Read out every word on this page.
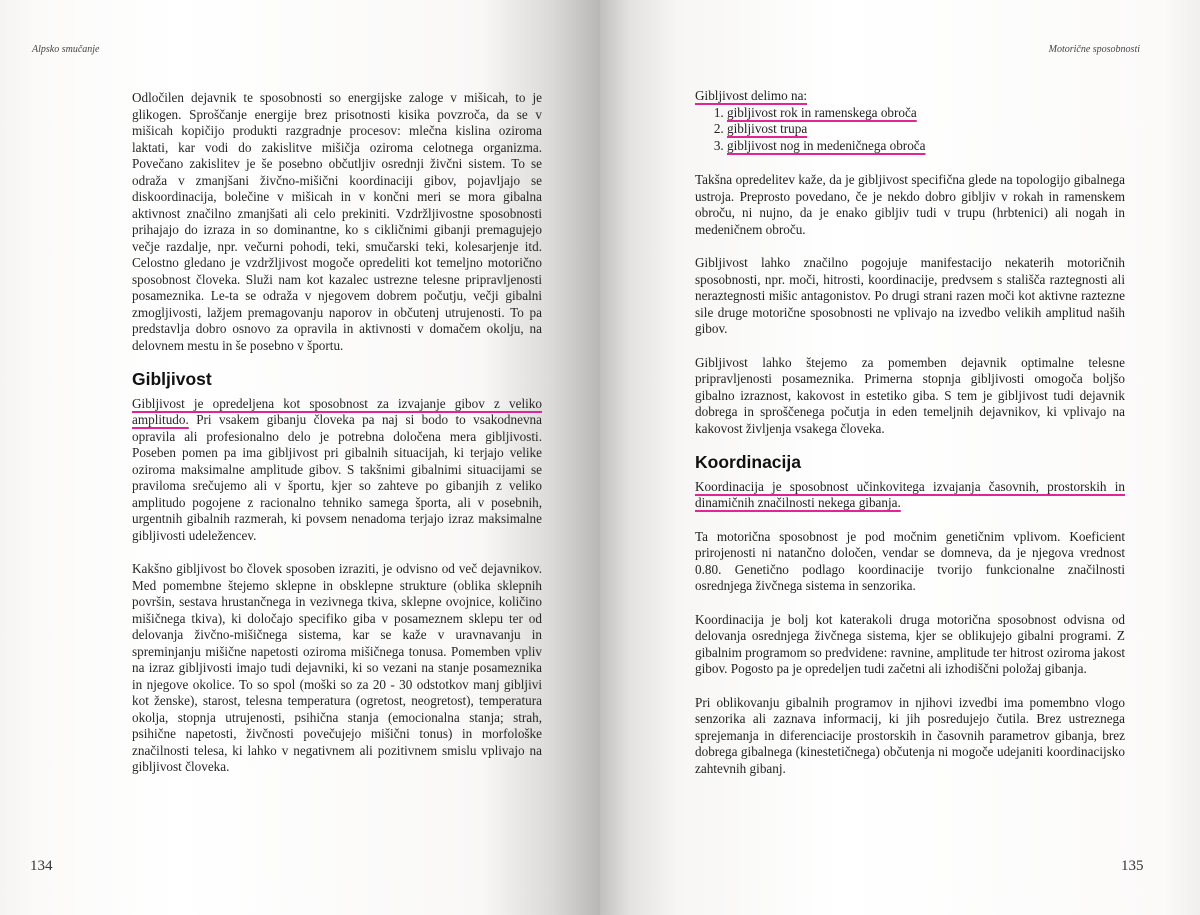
Alpsko smučanje

Odločilen dejavnik te sposobnosti so energijske zaloge v mišicah, to je glikogen. Sproščanje energije brez prisotnosti kisika povzroča, da se v mišicah kopičijo produkti razgradnje procesov: mlečna kislina oziroma laktati, kar vodi do zakislitve mišičja oziroma celotnega organizma. Povečano zakislitev je še posebno občutljiv osrednji živčni sistem. To se odraža v zmanjšani živčno-mišični koordinaciji gibov, pojavljajo se diskoordinacija, bolečine v mišicah in v končni meri se mora gibalna aktivnost značilno zmanjšati ali celo prekiniti. Vzdržljivostne sposobnosti prihajajo do izraza in so dominantne, ko s cikličnimi gibanji premagujejo večje razdalje, npr. večurni pohodi, teki, smučarski teki, kolesarjenje itd. Celostno gledano je vzdržljivost mogoče opredeliti kot temeljno motorično sposobnost človeka. Služi nam kot kazalec ustrezne telesne pripravljenosti posameznika. Le-ta se odraža v njegovem dobrem počutju, večji gibalni zmogljivosti, lažjem premagovanju naporov in občutenj utrujenosti. To pa predstavlja dobro osnovo za opravila in aktivnosti v domačem okolju, na delovnem mestu in še posebno v športu.

Gibljivost

Gibljivost je opredeljena kot sposobnost za izvajanje gibov z veliko amplitudo. Pri vsakem gibanju človeka pa naj si bodo to vsakodnevna opravila ali profesionalno delo je potrebna določena mera gibljivosti. Poseben pomen pa ima gibljivost pri gibalnih situacijah, ki terjajo velike oziroma maksimalne amplitude gibov. S takšnimi gibalnimi situacijami se praviloma srečujemo ali v športu, kjer so zahteve po gibanjih z veliko amplitudo pogojene z racionalno tehniko samega športa, ali v posebnih, urgentnih gibalnih razmerah, ki povsem nenadoma terjajo izraz maksimalne gibljivosti udeležencev.

Kakšno gibljivost bo človek sposoben izraziti, je odvisno od več dejavnikov. Med pomembne štejemo sklepne in obsklepne strukture (oblika sklepnih površin, sestava hrustančnega in vezivnega tkiva, sklepne ovojnice, količino mišičnega tkiva), ki določajo specifiko giba v posameznem sklepu ter od delovanja živčno-mišičnega sistema, kar se kaže v uravnavanju in spreminjanju mišične napetosti oziroma mišičnega tonusa. Pomemben vpliv na izraz gibljivosti imajo tudi dejavniki, ki so vezani na stanje posameznika in njegove okolice. To so spol (moški so za 20 - 30 odstotkov manj gibljivi kot ženske), starost, telesna temperatura (ogretost, neogretost), temperatura okolja, stopnja utrujenosti, psihična stanja (emocionalna stanja; strah, psihične napetosti, živčnosti povečujejo mišični tonus) in morfološke značilnosti telesa, ki lahko v negativnem ali pozitivnem smislu vplivajo na gibljivost človeka.

134
Motorične sposobnosti
Gibljivost delimo na:
1. gibljivost rok in ramenskega obroča
2. gibljivost trupa
3. gibljivost nog in medeničnega obroča

Takšna opredelitev kaže, da je gibljivost specifična glede na topologijo gibalnega ustroja. Preprosto povedano, če je nekdo dobro gibljiv v rokah in ramenskem obroču, ni nujno, da je enako gibljiv tudi v trupu (hrbtenici) ali nogah in medeničnem obroču.

Gibljivost lahko značilno pogojuje manifestacijo nekaterih motoričnih sposobnosti, npr. moči, hitrosti, koordinacije, predvsem s stališča raztegnosti ali neraztegnosti mišic antagonistov. Po drugi strani razen moči kot aktivne raztezne sile druge motorične sposobnosti ne vplivajo na izvedbo velikih amplitud naših gibov.

Gibljivost lahko štejemo za pomemben dejavnik optimalne telesne pripravljenosti posameznika. Primerna stopnja gibljivosti omogoča boljšo gibalno izraznost, kakovost in estetiko giba. S tem je gibljivost tudi dejavnik dobrega in sproščenega počutja in eden temeljnih dejavnikov, ki vplivajo na kakovost življenja vsakega človeka.

Koordinacija

Koordinacija je sposobnost učinkovitega izvajanja časovnih, prostorskih in dinamičnih značilnosti nekega gibanja.

Ta motorična sposobnost je pod močnim genetičnim vplivom. Koeficient prirojenosti ni natančno določen, vendar se domneva, da je njegova vrednost 0.80. Genetično podlago koordinacije tvorijo funkcionalne značilnosti osrednjega živčnega sistema in senzorika.

Koordinacija je bolj kot katerakoli druga motorična sposobnost odvisna od delovanja osrednjega živčnega sistema, kjer se oblikujejo gibalni programi. Z gibalnim programom so predvidene: ravnine, amplitude ter hitrost oziroma jakost gibov. Pogosto pa je opredeljen tudi začetni ali izhodiščni položaj gibanja.

Pri oblikovanju gibalnih programov in njihovi izvedbi ima pomembno vlogo senzorika ali zaznava informacij, ki jih posredujejo čutila. Brez ustreznega sprejemanja in diferenciacije prostorskih in časovnih parametrov gibanja, brez dobrega gibalnega (kinestetičnega) občutenja ni mogoče udejaniti koordinacijsko zahtevnih gibanj.

135
